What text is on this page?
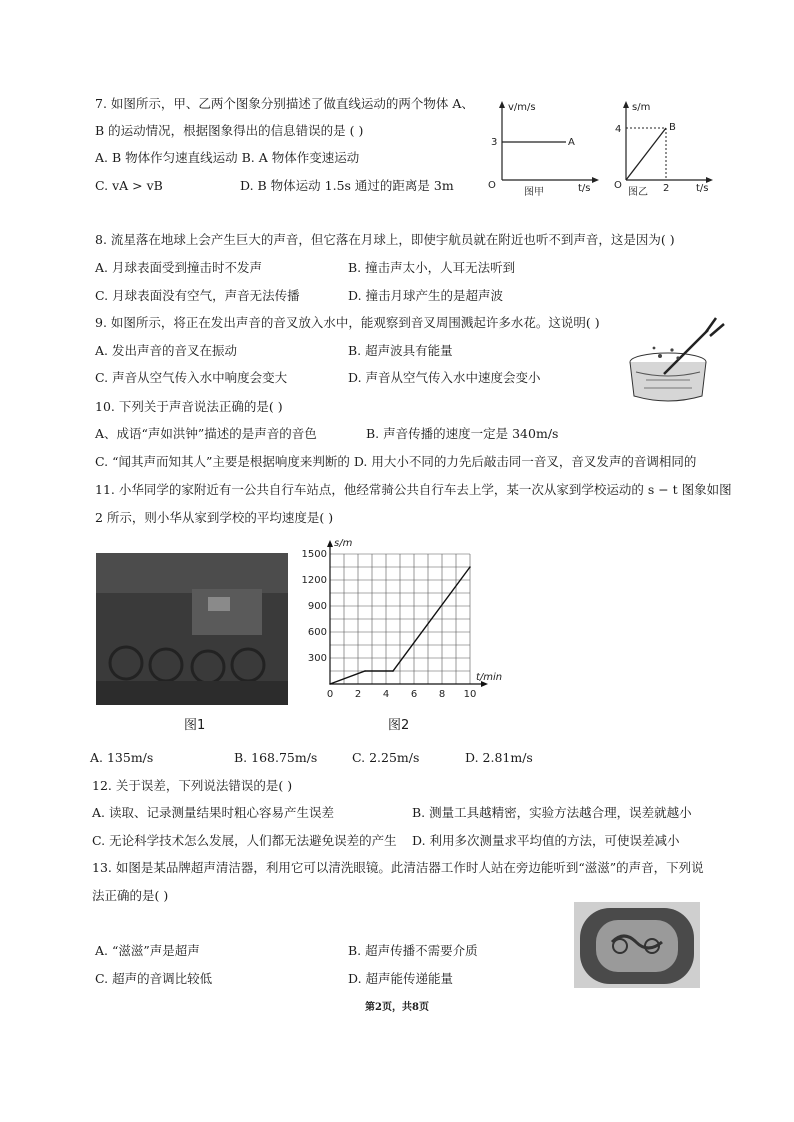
7. 如图所示，甲、乙两个图象分别描述了做直线运动的两个物体 A、
B 的运动情况，根据图象得出的信息错误的是 ( )
A. B 物体作匀速直线运动 B. A 物体作变速运动
C. vA > vB	D. B 物体运动 1.5s 通过的距离是 3m
v/m/s
3	A
O	t/s
图甲
s/m
4	B
O	2	t/s
图乙
8. 流星落在地球上会产生巨大的声音，但它落在月球上，即使宇航员就在附近也听不到声音，这是因为( )
A. 月球表面受到撞击时不发声	B. 撞击声太小，人耳无法听到
C. 月球表面没有空气，声音无法传播	D. 撞击月球产生的是超声波
9. 如图所示，将正在发出声音的音叉放入水中，能观察到音叉周围溅起许多水花。这说明( )
A. 发出声音的音叉在振动	B. 超声波具有能量
C. 声音从空气传入水中响度会变大	D. 声音从空气传入水中速度会变小
10. 下列关于声音说法正确的是( )
A、成语“声如洪钟”描述的是声音的音色	B. 声音传播的速度一定是 340m/s
C. “闻其声而知其人”主要是根据响度来判断的 D. 用大小不同的力先后敲击同一音叉，音叉发声的音调相同的
11. 小华同学的家附近有一公共自行车站点，他经常骑公共自行车去上学，某一次从家到学校运动的 s − t 图象如图
2 所示，则小华从家到学校的平均速度是( )
图1
0 2 4 6 8 10
300
600
900
1200
1500
t/min
s/m
图2
A. 135m/s	B. 168.75m/s	C. 2.25m/s	D. 2.81m/s
12. 关于误差，下列说法错误的是( )
A. 读取、记录测量结果时粗心容易产生误差	B. 测量工具越精密，实验方法越合理，误差就越小
C. 无论科学技术怎么发展，人们都无法避免误差的产生 D. 利用多次测量求平均值的方法，可使误差减小
13. 如图是某品牌超声清洁器，利用它可以清洗眼镜。此清洁器工作时人站在旁边能听到“滋滋”的声音，下列说
法正确的是( )
A. “滋滋”声是超声	B. 超声传播不需要介质
C. 超声的音调比较低	D. 超声能传递能量
第2页，共8页
